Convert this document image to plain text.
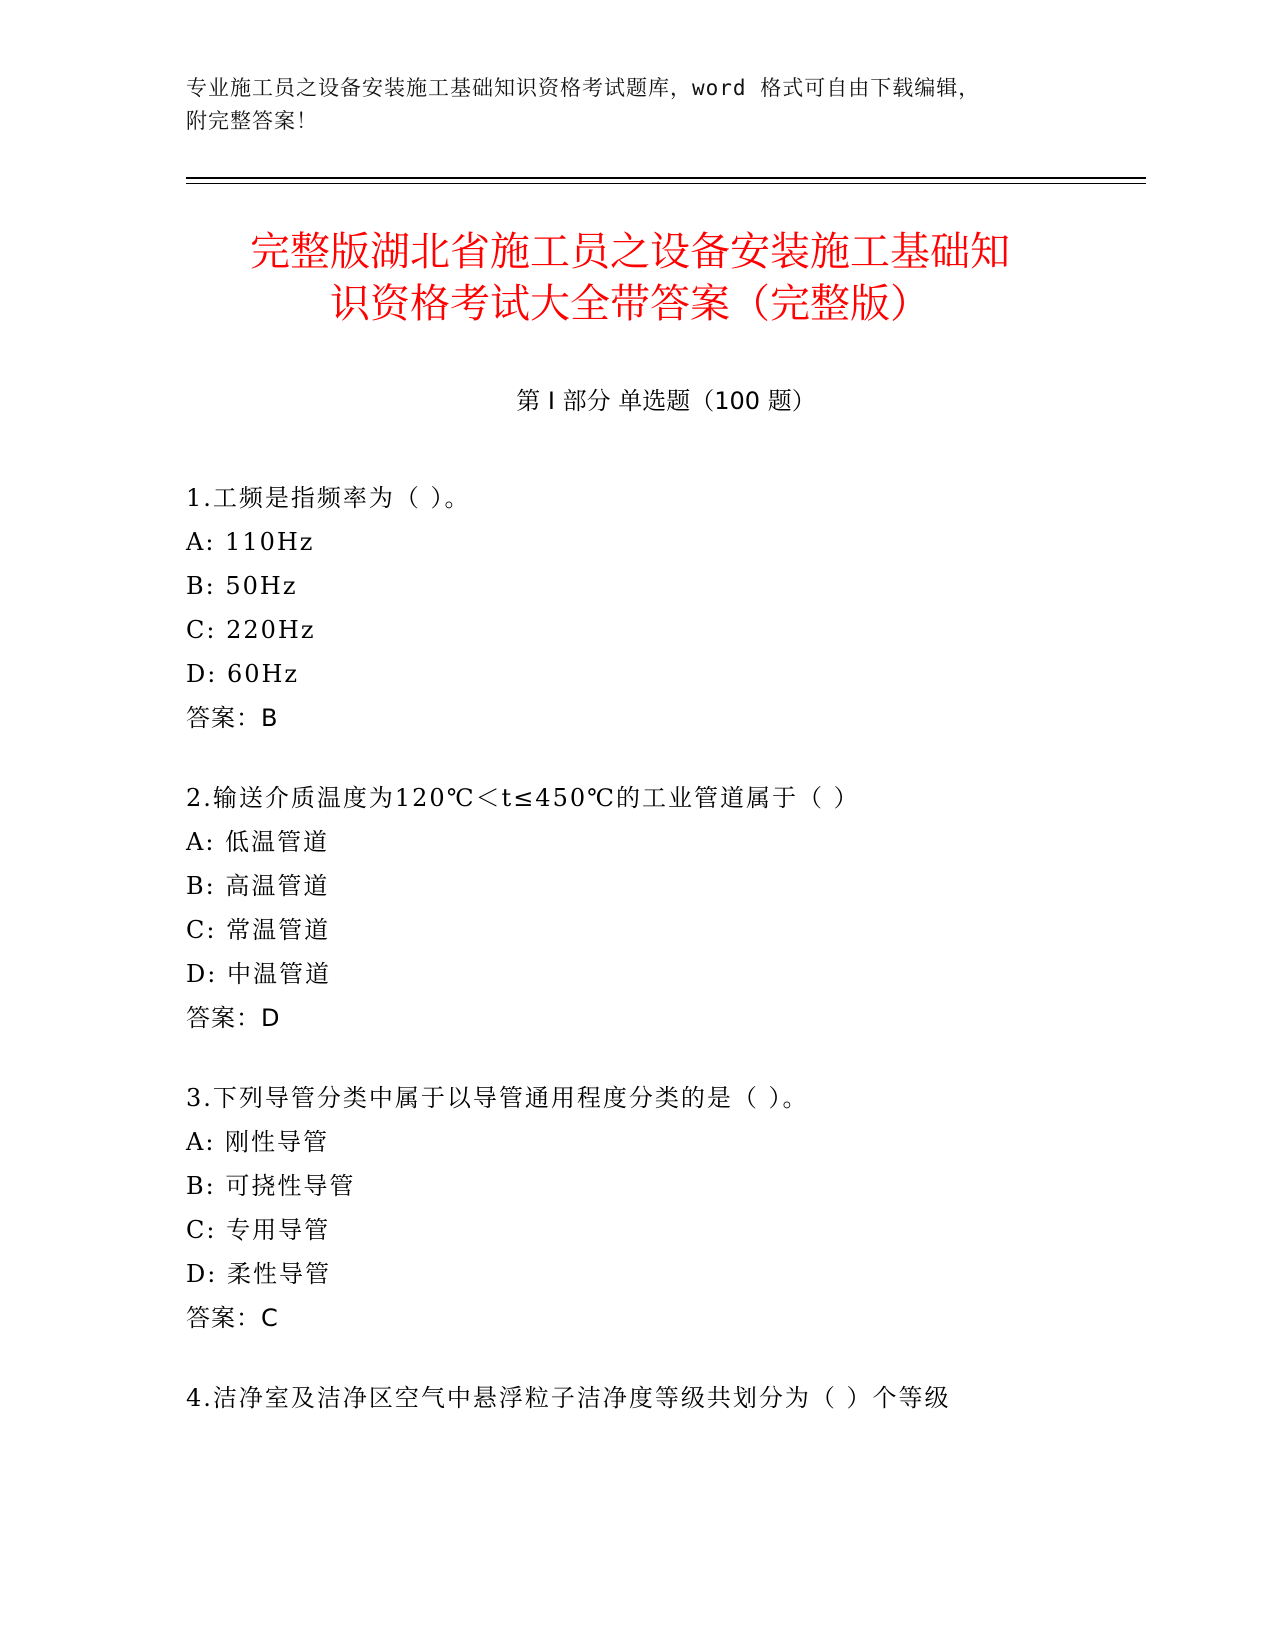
专业施工员之设备安装施工基础知识资格考试题库，word 格式可自由下载编辑，
附完整答案！
完整版湖北省施工员之设备安装施工基础知
识资格考试大全带答案（完整版）
第 I 部分 单选题（100 题）
1.工频是指频率为（ ）。
A: 110Hz
B: 50Hz
C: 220Hz
D: 60Hz
答案：B
2.输送介质温度为120℃＜t≤450℃的工业管道属于（ ）
A: 低温管道
B: 高温管道
C: 常温管道
D: 中温管道
答案：D
3.下列导管分类中属于以导管通用程度分类的是（ ）。
A: 刚性导管
B: 可挠性导管
C: 专用导管
D: 柔性导管
答案：C
4.洁净室及洁净区空气中悬浮粒子洁净度等级共划分为（ ）个等级
